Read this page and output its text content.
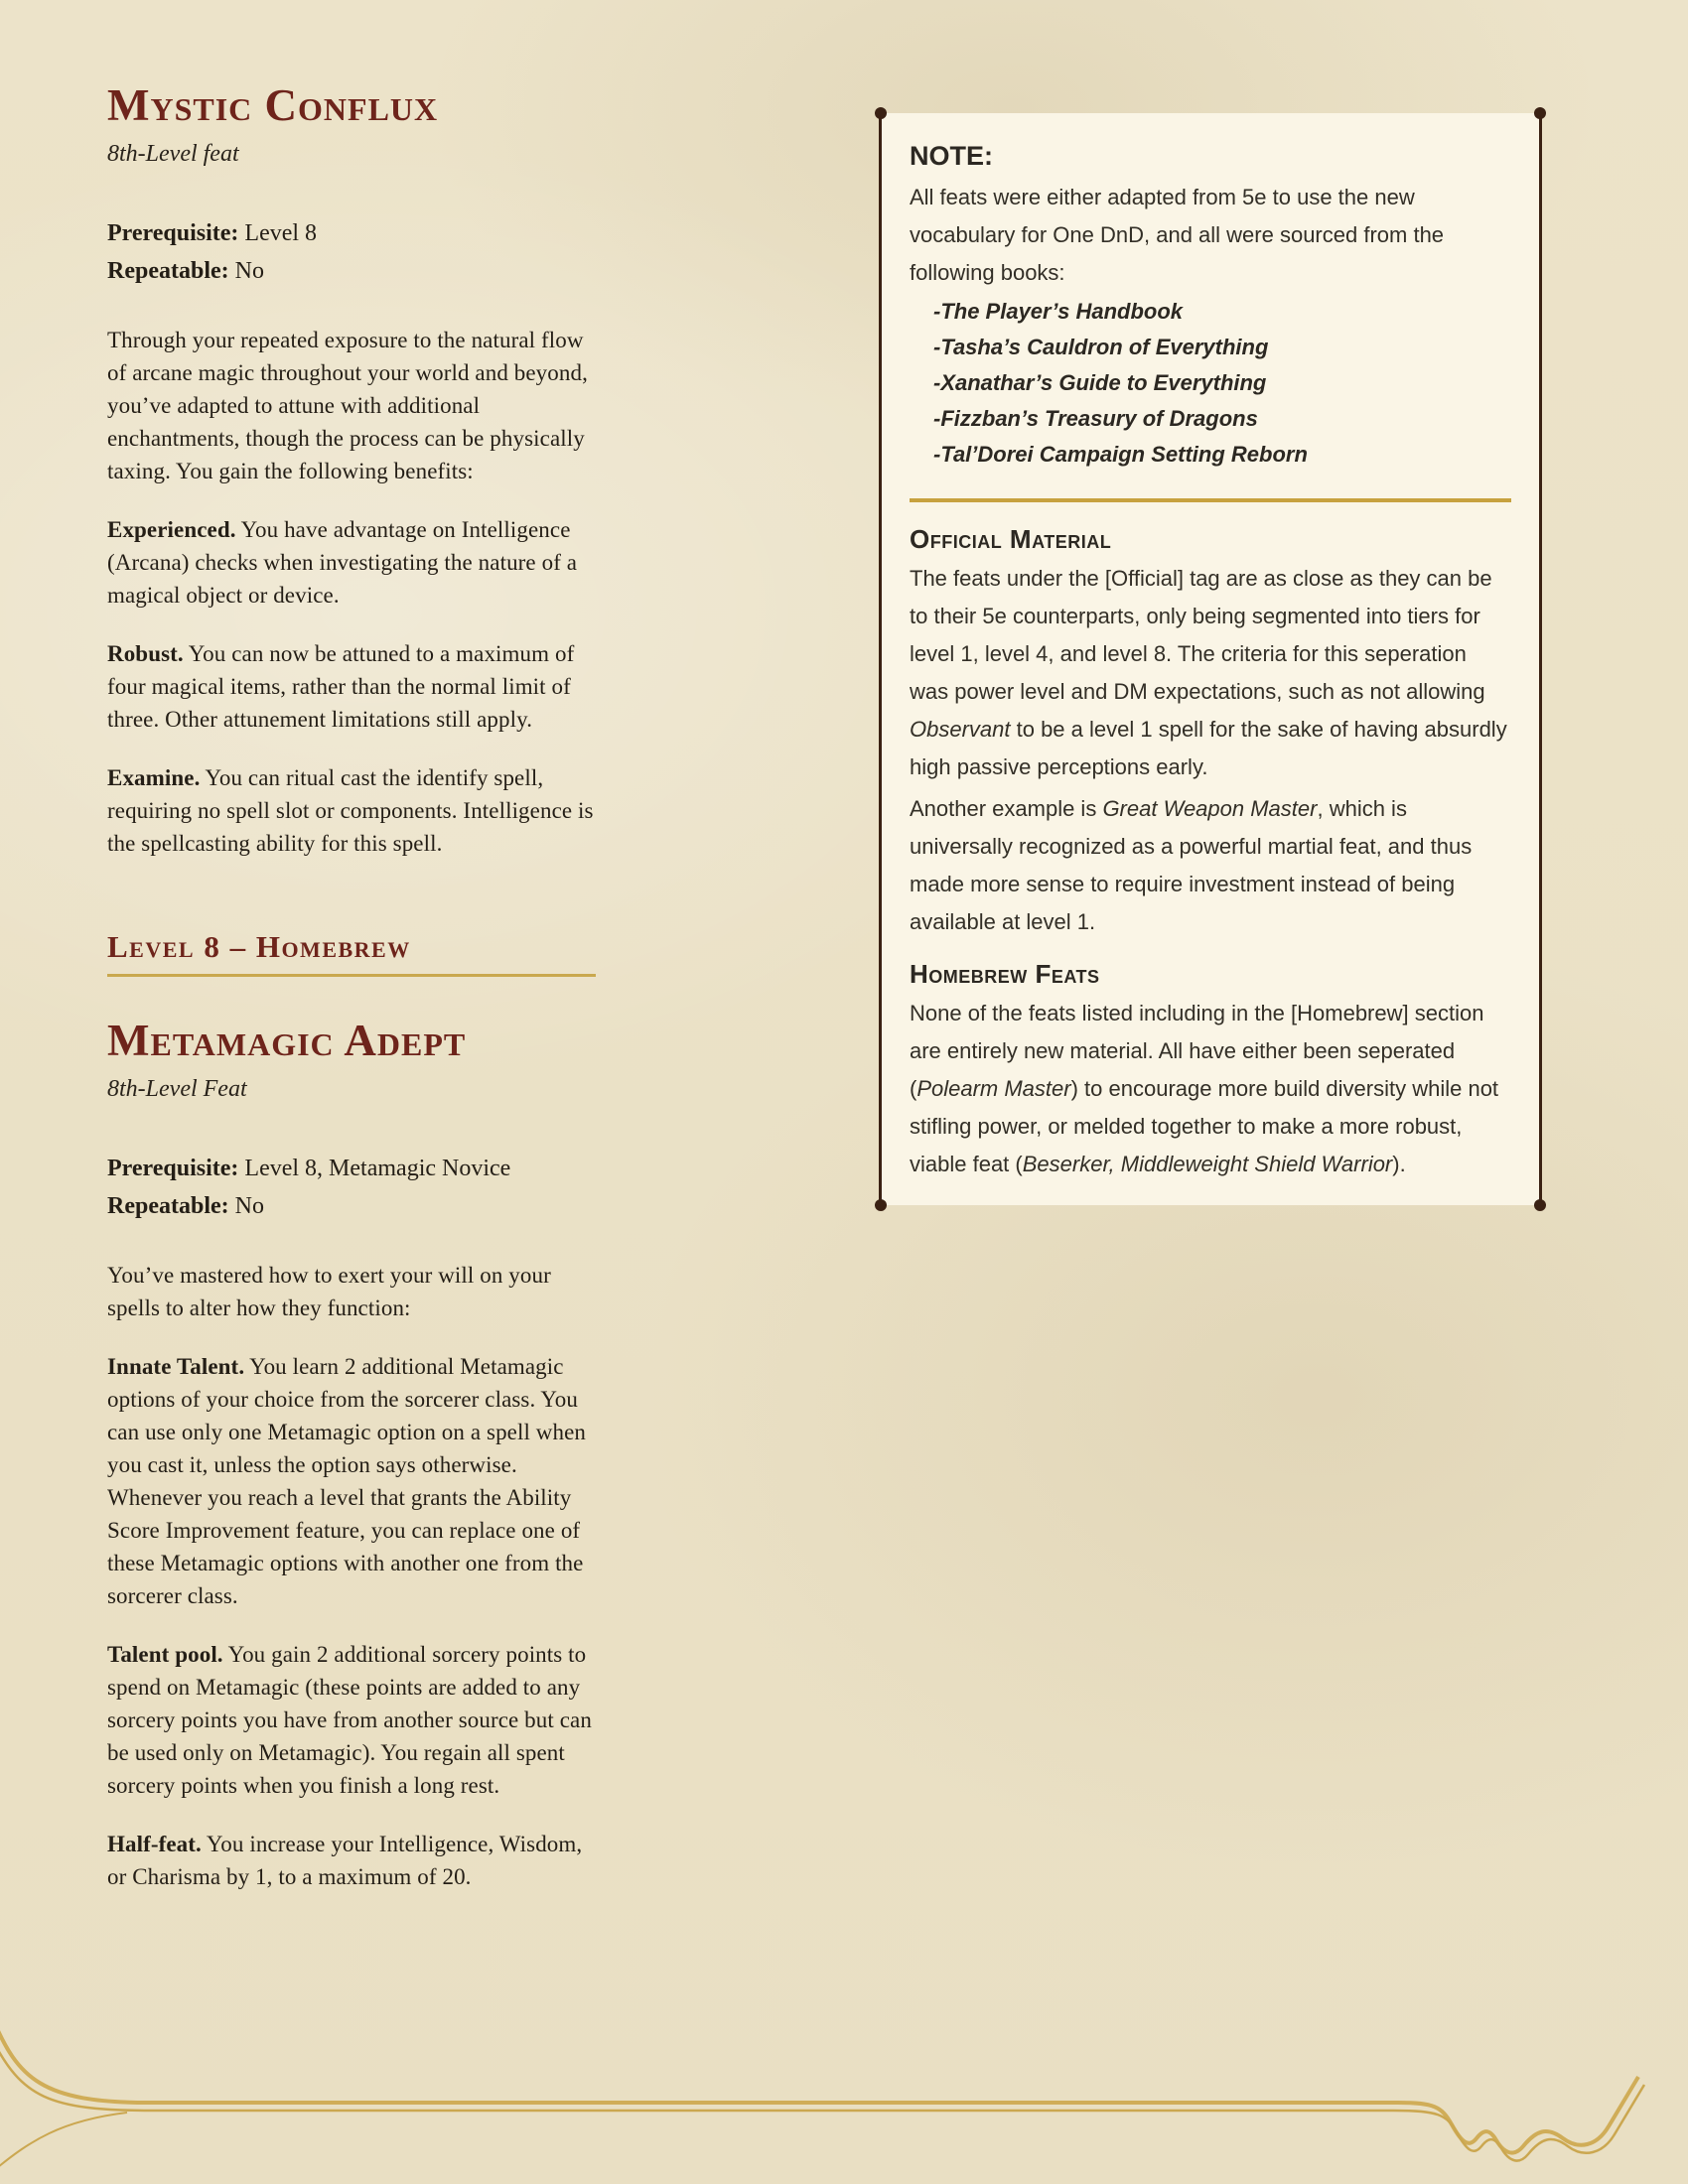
Mystic Conflux
8th-Level feat
Prerequisite: Level 8
Repeatable: No

Through your repeated exposure to the natural flow of arcane magic throughout your world and beyond, you’ve adapted to attune with additional enchantments, though the process can be physically taxing. You gain the following benefits:

Experienced. You have advantage on Intelligence (Arcana) checks when investigating the nature of a magical object or device.

Robust. You can now be attuned to a maximum of four magical items, rather than the normal limit of three. Other attunement limitations still apply.

Examine. You can ritual cast the identify spell, requiring no spell slot or components. Intelligence is the spellcasting ability for this spell.

Level 8 – Homebrew
Metamagic Adept
8th-Level Feat
Prerequisite: Level 8, Metamagic Novice
Repeatable: No

You’ve mastered how to exert your will on your spells to alter how they function:

Innate Talent. You learn 2 additional Metamagic options of your choice from the sorcerer class. You can use only one Metamagic option on a spell when you cast it, unless the option says otherwise. Whenever you reach a level that grants the Ability Score Improvement feature, you can replace one of these Metamagic options with another one from the sorcerer class.

Talent pool. You gain 2 additional sorcery points to spend on Metamagic (these points are added to any sorcery points you have from another source but can be used only on Metamagic). You regain all spent sorcery points when you finish a long rest.

Half-feat. You increase your Intelligence, Wisdom, or Charisma by 1, to a maximum of 20.

NOTE:

All feats were either adapted from 5e to use the new vocabulary for One DnD, and all were sourced from the following books:

-The Player’s Handbook
-Tasha’s Cauldron of Everything
-Xanathar’s Guide to Everything
-Fizzban’s Treasury of Dragons
-Tal’Dorei Campaign Setting Reborn
Official Material

The feats under the [Official] tag are as close as they can be to their 5e counterparts, only being segmented into tiers for level 1, level 4, and level 8. The criteria for this seperation was power level and DM expectations, such as not allowing Observant to be a level 1 spell for the sake of having absurdly high passive perceptions early.

Another example is Great Weapon Master, which is universally recognized as a powerful martial feat, and thus made more sense to require investment instead of being available at level 1.

Homebrew Feats

None of the feats listed including in the [Homebrew] section are entirely new material. All have either been seperated (Polearm Master) to encourage more build diversity while not stifling power, or melded together to make a more robust, viable feat (Beserker, Middleweight Shield Warrior).
